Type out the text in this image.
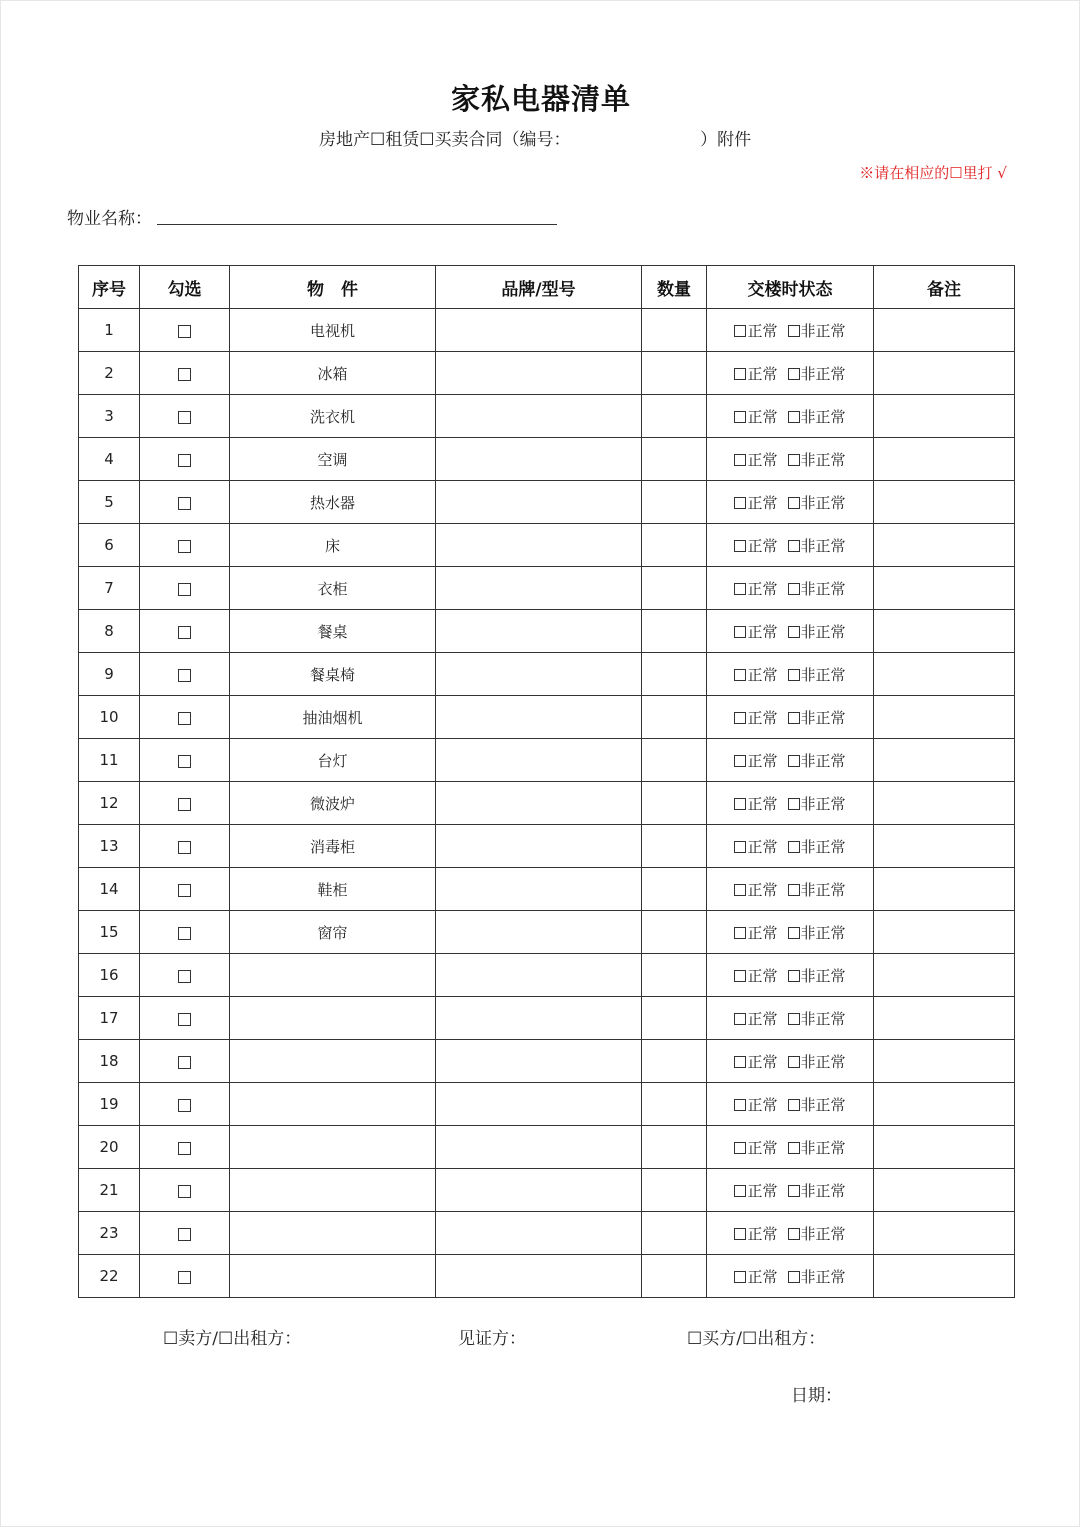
家私电器清单
房地产☐租赁☐买卖合同（编号：                        ）附件
※请在相应的☐里打 √
物业名称：
序号	勾选	物　件	品牌/型号	数量	交楼时状态	备注
1		电视机			正常 非正常	
2		冰箱			正常 非正常	
3		洗衣机			正常 非正常	
4		空调			正常 非正常	
5		热水器			正常 非正常	
6		床			正常 非正常	
7		衣柜			正常 非正常	
8		餐桌			正常 非正常	
9		餐桌椅			正常 非正常	
10		抽油烟机			正常 非正常	
11		台灯			正常 非正常	
12		微波炉			正常 非正常	
13		消毒柜			正常 非正常	
14		鞋柜			正常 非正常	
15		窗帘			正常 非正常	
16					正常 非正常	
17					正常 非正常	
18					正常 非正常	
19					正常 非正常	
20					正常 非正常	
21					正常 非正常	
23					正常 非正常	
22					正常 非正常	
☐卖方/☐出租方：	见证方：	☐买方/☐出租方：
日期：
